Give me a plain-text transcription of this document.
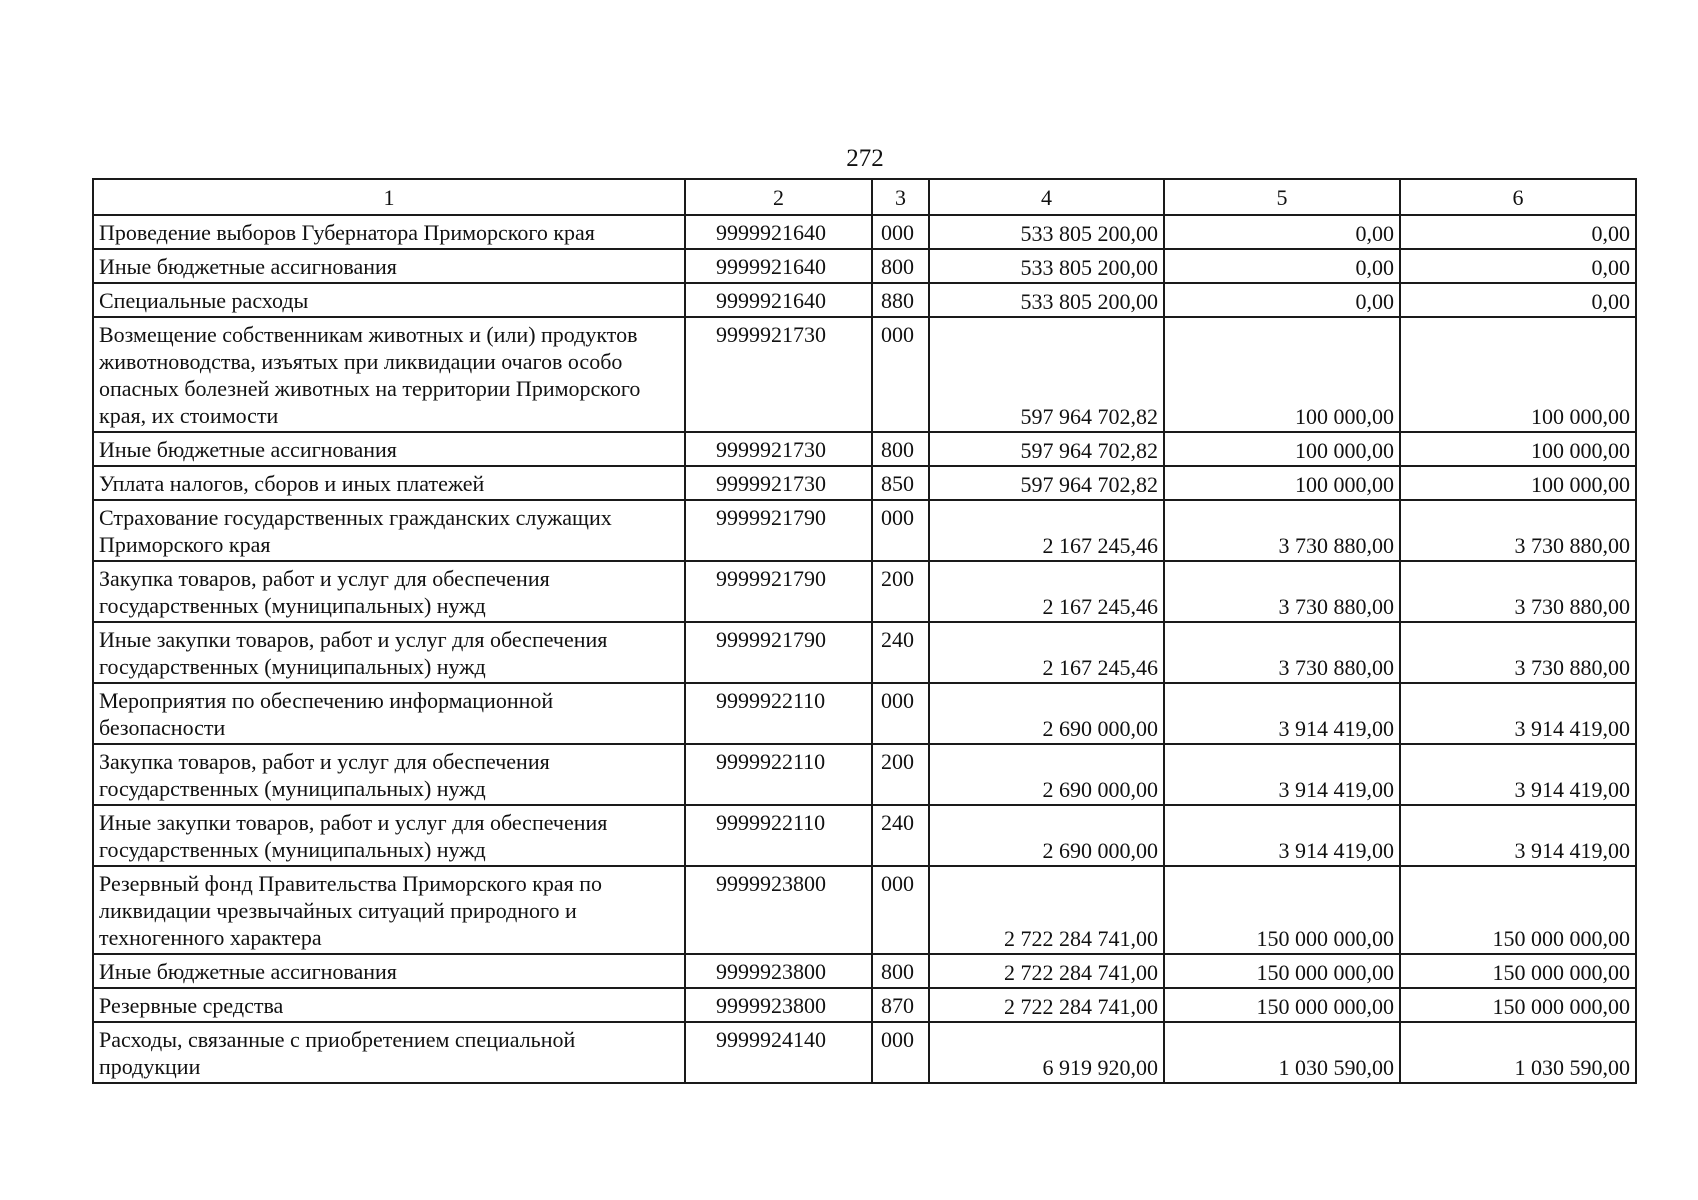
272
1	2	3	4	5	6
Проведение выборов Губернатора Приморского края	9999921640	000	533 805 200,00	0,00	0,00
Иные бюджетные ассигнования	9999921640	800	533 805 200,00	0,00	0,00
Специальные расходы	9999921640	880	533 805 200,00	0,00	0,00
Возмещение собственникам животных и (или) продуктов животноводства, изъятых при ликвидации очагов особо опасных болезней животных на территории Приморского края, их стоимости	9999921730	000	597 964 702,82	100 000,00	100 000,00
Иные бюджетные ассигнования	9999921730	800	597 964 702,82	100 000,00	100 000,00
Уплата налогов, сборов и иных платежей	9999921730	850	597 964 702,82	100 000,00	100 000,00
Страхование государственных гражданских служащих Приморского края	9999921790	000	2 167 245,46	3 730 880,00	3 730 880,00
Закупка товаров, работ и услуг для обеспечения государственных (муниципальных) нужд	9999921790	200	2 167 245,46	3 730 880,00	3 730 880,00
Иные закупки товаров, работ и услуг для обеспечения государственных (муниципальных) нужд	9999921790	240	2 167 245,46	3 730 880,00	3 730 880,00
Мероприятия по обеспечению информационной безопасности	9999922110	000	2 690 000,00	3 914 419,00	3 914 419,00
Закупка товаров, работ и услуг для обеспечения государственных (муниципальных) нужд	9999922110	200	2 690 000,00	3 914 419,00	3 914 419,00
Иные закупки товаров, работ и услуг для обеспечения государственных (муниципальных) нужд	9999922110	240	2 690 000,00	3 914 419,00	3 914 419,00
Резервный фонд Правительства Приморского края по ликвидации чрезвычайных ситуаций природного и техногенного характера	9999923800	000	2 722 284 741,00	150 000 000,00	150 000 000,00
Иные бюджетные ассигнования	9999923800	800	2 722 284 741,00	150 000 000,00	150 000 000,00
Резервные средства	9999923800	870	2 722 284 741,00	150 000 000,00	150 000 000,00
Расходы, связанные с приобретением специальной продукции	9999924140	000	6 919 920,00	1 030 590,00	1 030 590,00
